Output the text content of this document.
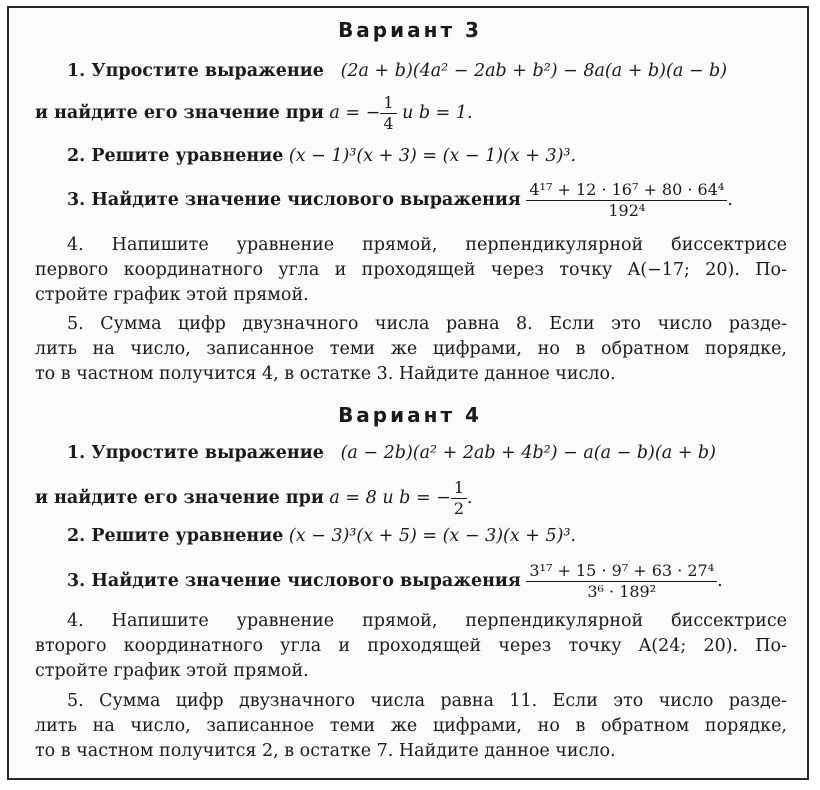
Вариант 3
1. Упростите выражение (2a + b)(4a² − 2ab + b²) − 8a(a + b)(a − b)
и найдите его значение при a = − $\frac{1}{4}$ и b = 1.
2. Решите уравнение (x − 1)³(x + 3) = (x − 1)(x + 3)³.
3. Найдите значение числового выражения $\frac{\text{4¹⁷ + 12 · 16⁷ + 80 · 64⁴}}{\text{192⁴}}$ .
4. Напишите уравнение прямой, перпендикулярной биссектрисе
первого координатного угла и проходящей через точку A(−17; 20). По-
стройте график этой прямой.
5. Сумма цифр двузначного числа равна 8. Если это число разде-
лить на число, записанное теми же цифрами, но в обратном порядке,
то в частном получится 4, в остатке 3. Найдите данное число.
Вариант 4
1. Упростите выражение (a − 2b)(a² + 2ab + 4b²) − a(a − b)(a + b)
и найдите его значение при a = 8 и b = − $\frac{1}{2}$ .
2. Решите уравнение (x − 3)³(x + 5) = (x − 3)(x + 5)³.
3. Найдите значение числового выражения $\frac{\text{3¹⁷ + 15 · 9⁷ + 63 · 27⁴}}{\text{3⁶ · 189²}}$ .
4. Напишите уравнение прямой, перпендикулярной биссектрисе
второго координатного угла и проходящей через точку A(24; 20). По-
стройте график этой прямой.
5. Сумма цифр двузначного числа равна 11. Если это число разде-
лить на число, записанное теми же цифрами, но в обратном порядке,
то в частном получится 2, в остатке 7. Найдите данное число.
